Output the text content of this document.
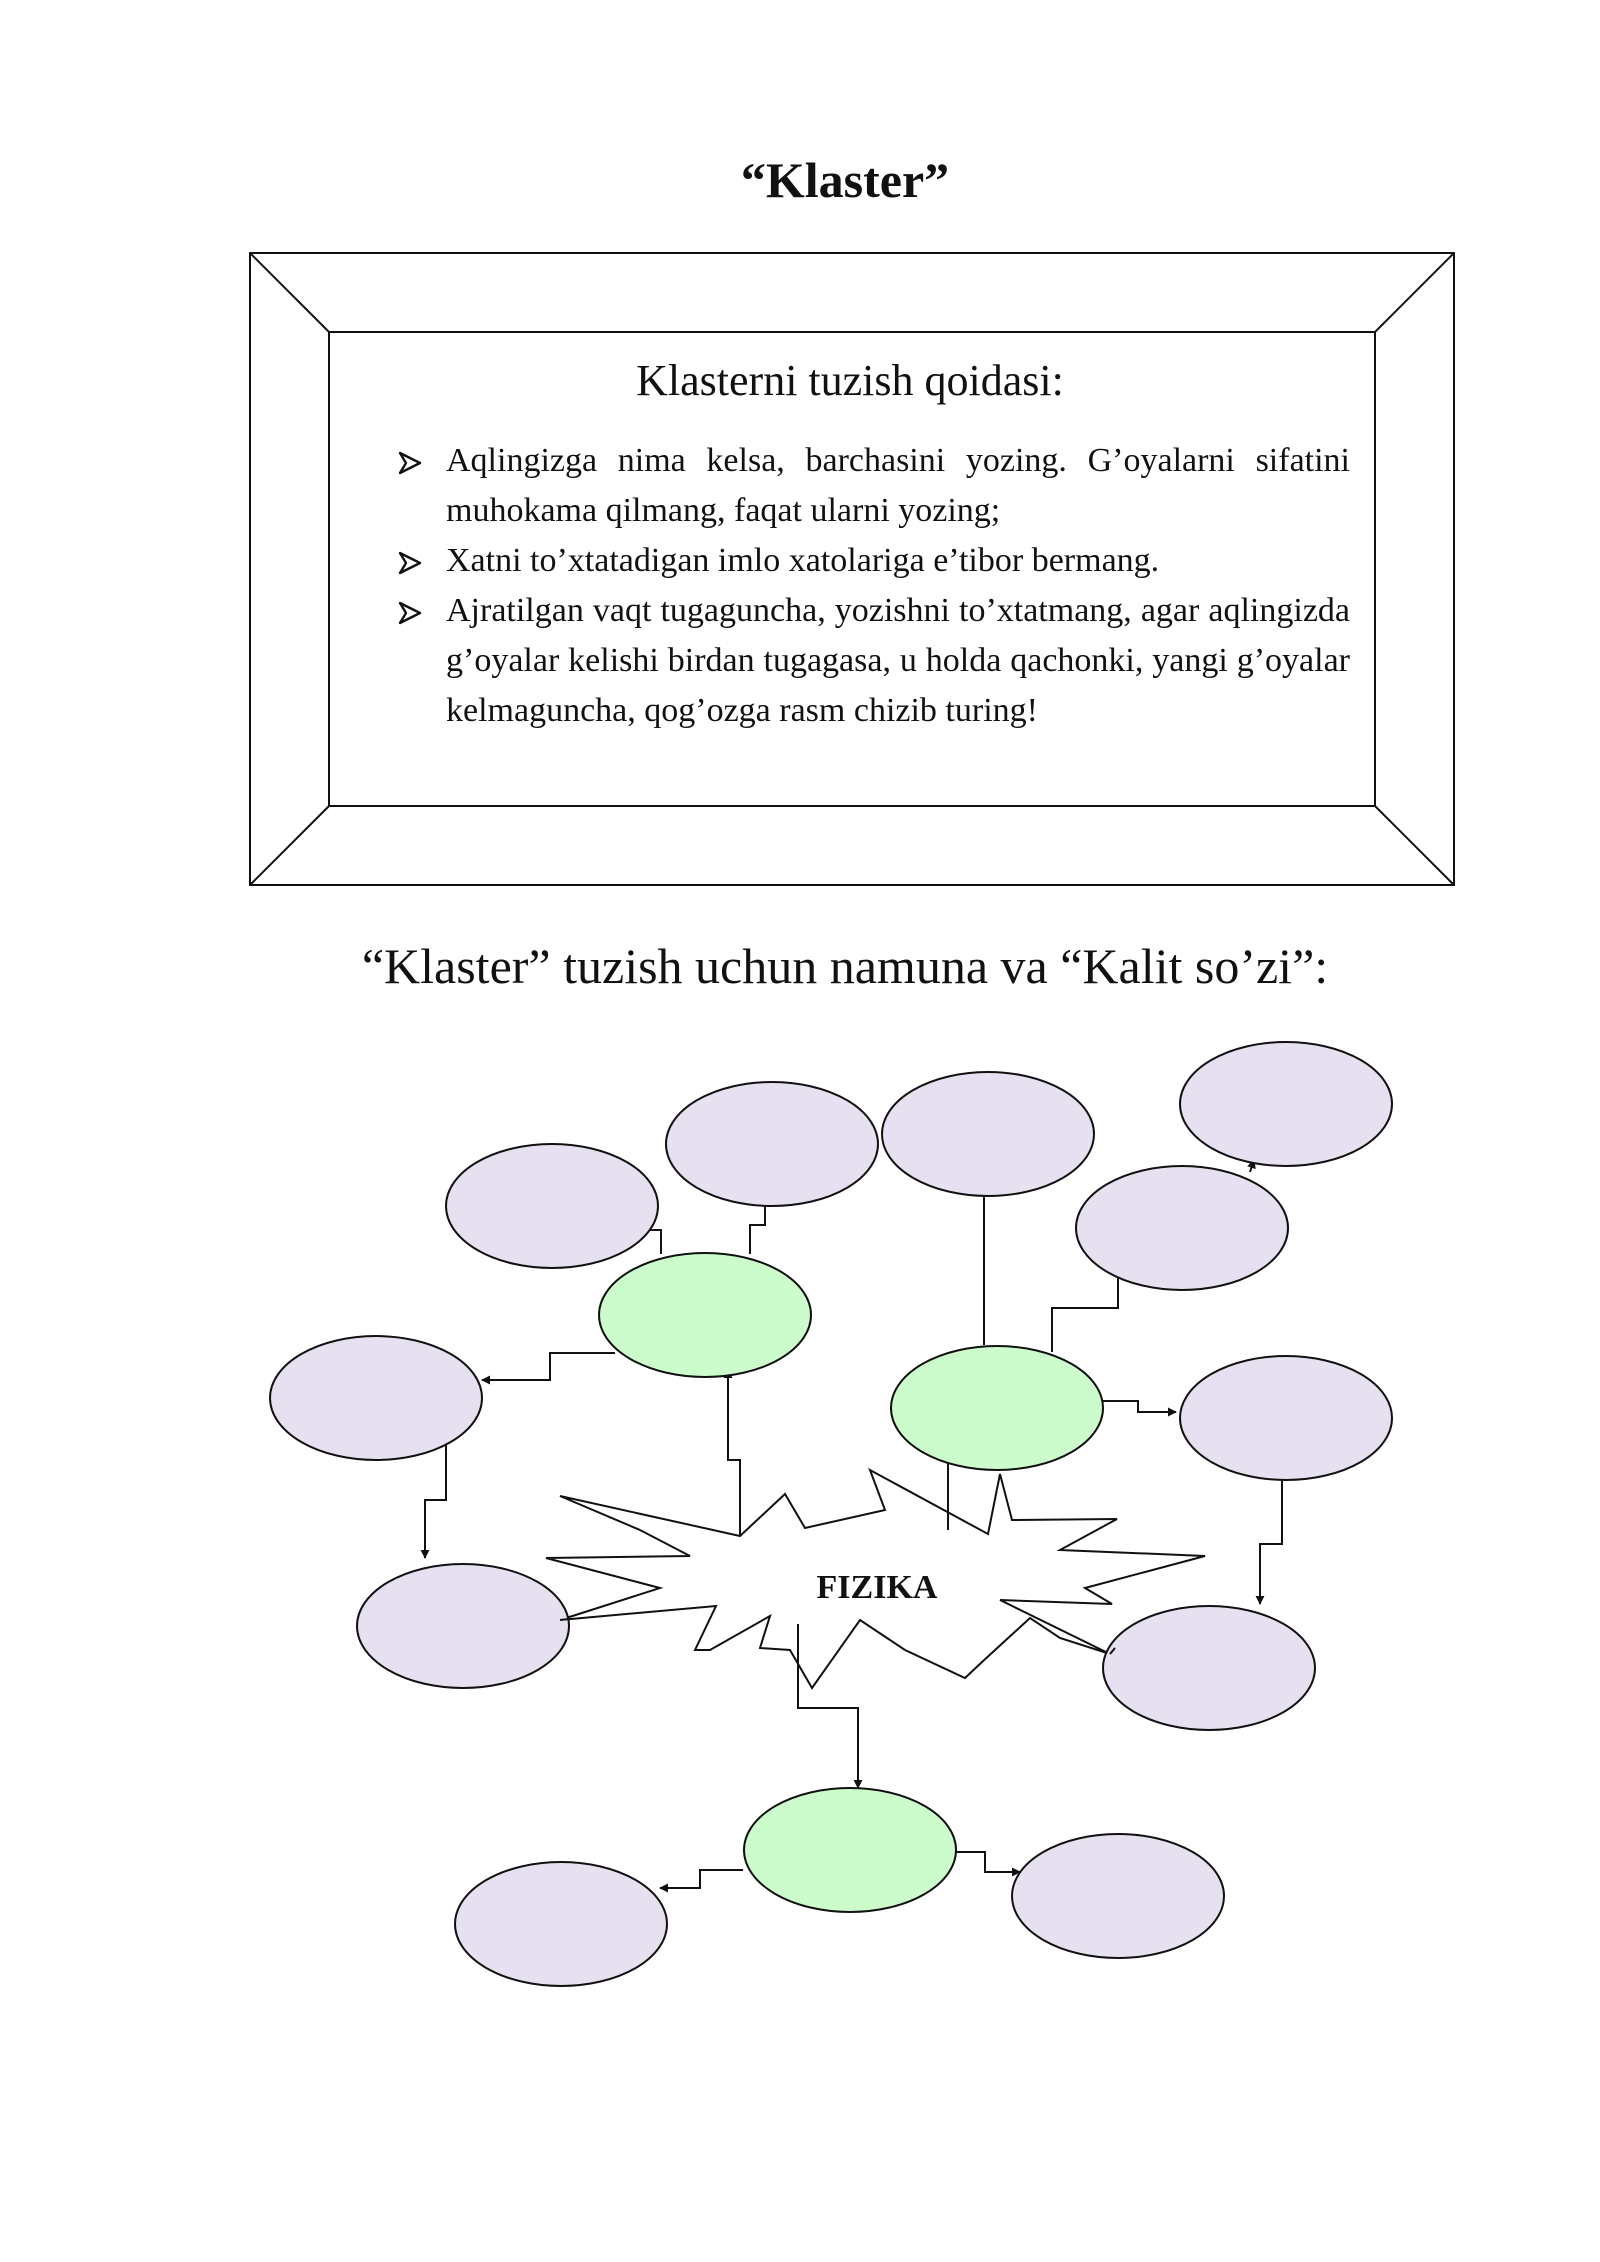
“Klaster”
Klasterni tuzish qoidasi:
Aqlingizga nima kelsa, barchasini yozing. G’oyalarni sifatini muhokama qilmang, faqat ularni yozing;
Xatni to’xtatadigan imlo xatolariga e’tibor bermang.
Ajratilgan vaqt tugaguncha, yozishni to’xtatmang, agar aqlingizda g’oyalar kelishi birdan tugagasa, u holda qachonki, yangi g’oyalar kelmaguncha, qog’ozga rasm chizib turing!
“Klaster” tuzish uchun namuna va “Kalit so’zi”:
FIZIKA
